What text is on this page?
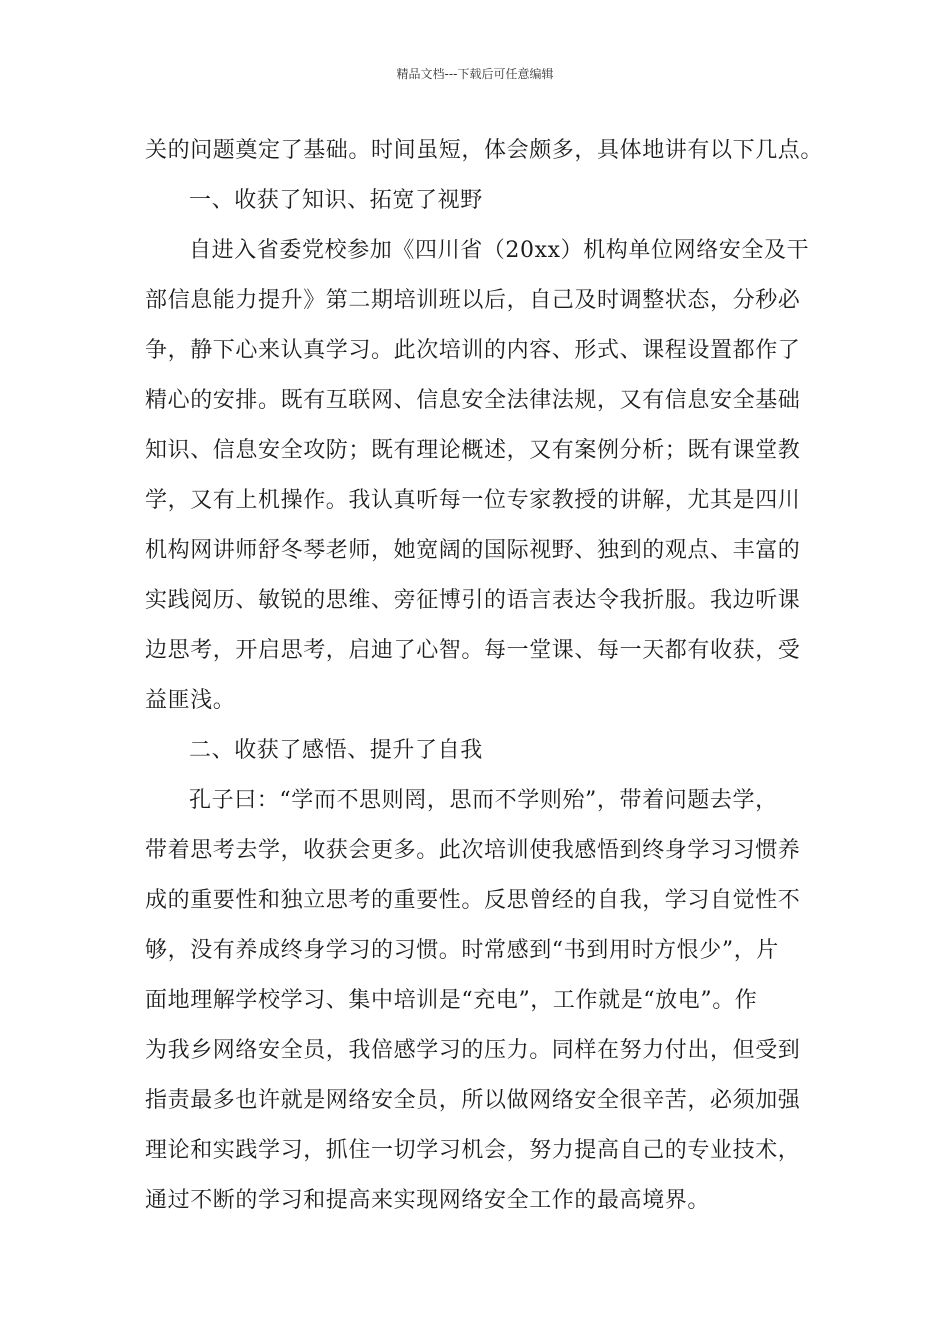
精品文档---下载后可任意编辑
关的问题奠定了基础。时间虽短，体会颇多，具体地讲有以下几点。
一、收获了知识、拓宽了视野
自进入省委党校参加《四川省（20xx）机构单位网络安全及干
部信息能力提升》第二期培训班以后，自己及时调整状态，分秒必
争，静下心来认真学习。此次培训的内容、形式、课程设置都作了
精心的安排。既有互联网、信息安全法律法规，又有信息安全基础
知识、信息安全攻防；既有理论概述，又有案例分析；既有课堂教
学，又有上机操作。我认真听每一位专家教授的讲解，尤其是四川
机构网讲师舒冬琴老师，她宽阔的国际视野、独到的观点、丰富的
实践阅历、敏锐的思维、旁征博引的语言表达令我折服。我边听课
边思考，开启思考，启迪了心智。每一堂课、每一天都有收获，受
益匪浅。
二、收获了感悟、提升了自我
孔子曰：“学而不思则罔，思而不学则殆”，带着问题去学，
带着思考去学，收获会更多。此次培训使我感悟到终身学习习惯养
成的重要性和独立思考的重要性。反思曾经的自我，学习自觉性不
够，没有养成终身学习的习惯。时常感到“书到用时方恨少”，片
面地理解学校学习、集中培训是“充电”，工作就是“放电”。作
为我乡网络安全员，我倍感学习的压力。同样在努力付出，但受到
指责最多也许就是网络安全员，所以做网络安全很辛苦，必须加强
理论和实践学习，抓住一切学习机会，努力提高自己的专业技术，
通过不断的学习和提高来实现网络安全工作的最高境界。
